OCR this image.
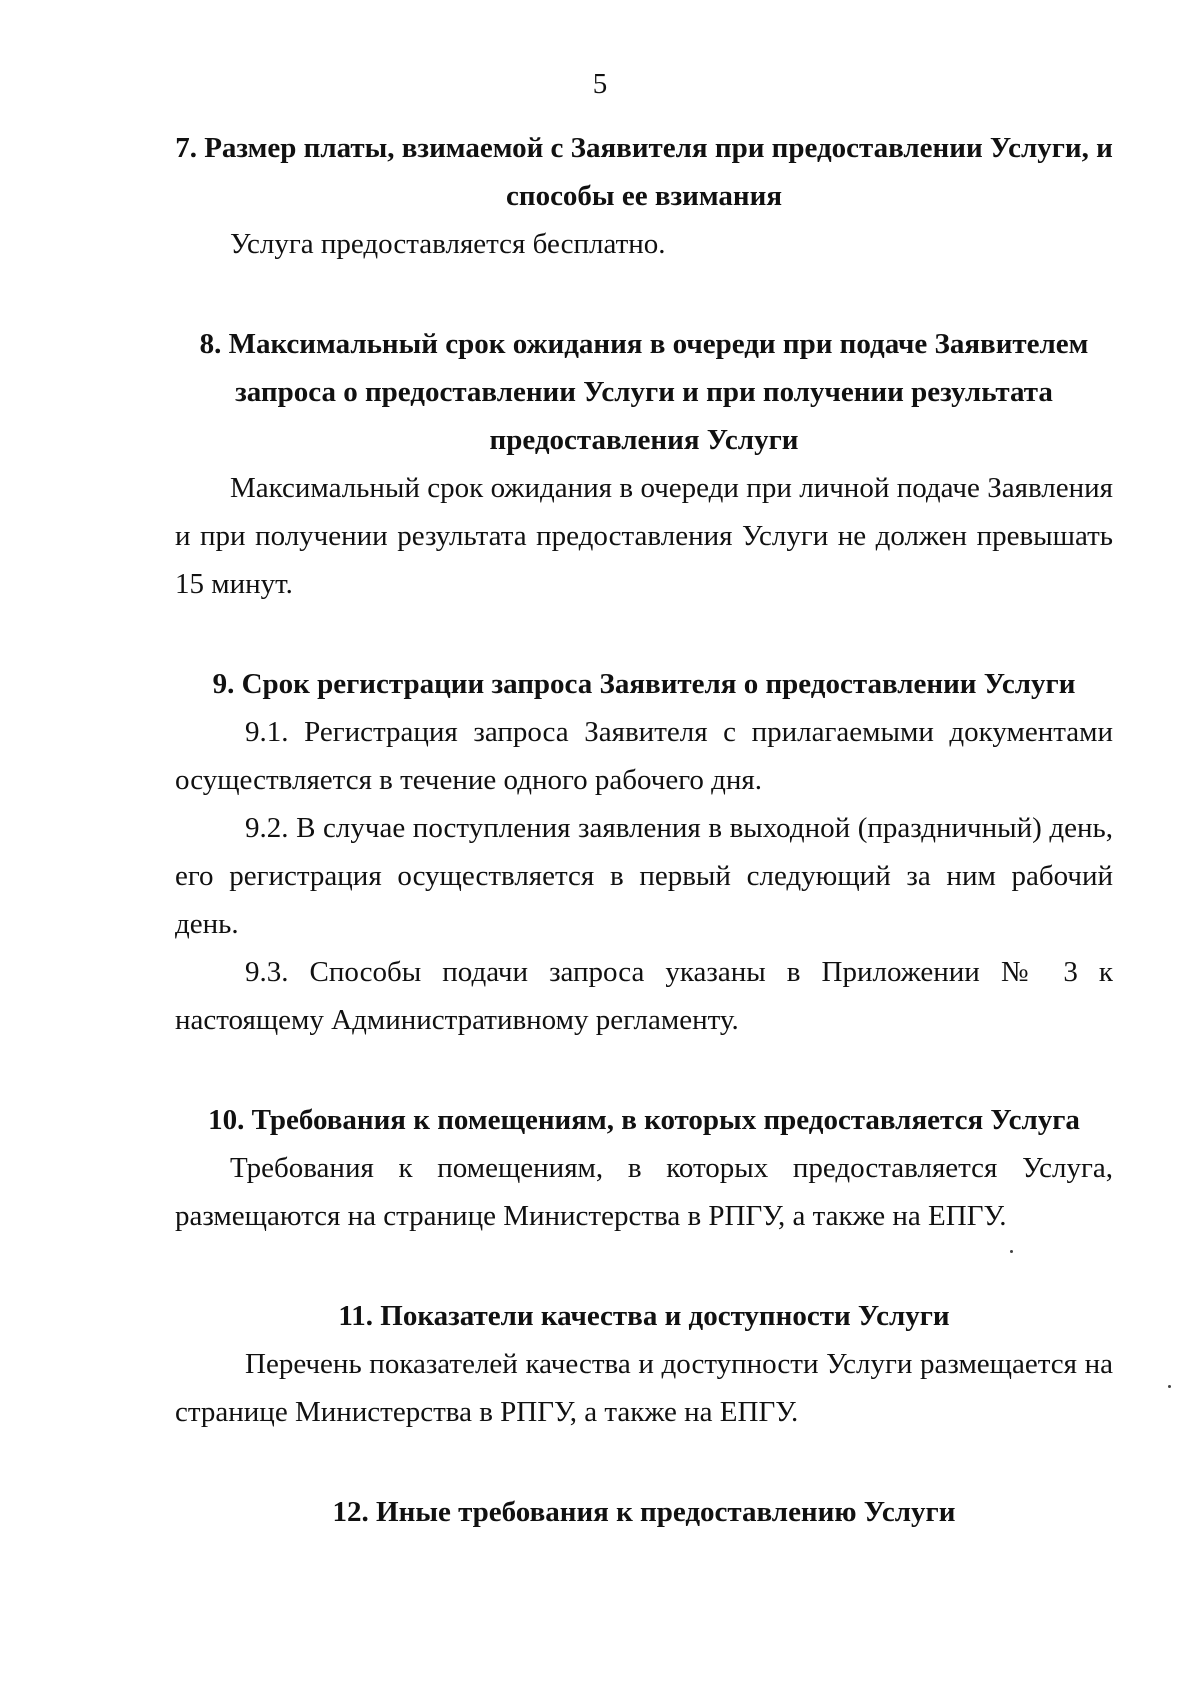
5

7. Размер платы, взимаемой с Заявителя при предоставлении Услуги, и

способы ее взимания

Услуга предоставляется бесплатно.

8. Максимальный срок ожидания в очереди при подаче Заявителем

запроса о предоставлении Услуги и при получении результата

предоставления Услуги

Максимальный срок ожидания в очереди при личной подаче Заявления и при получении результата предоставления Услуги не должен превышать 15 минут.

9. Срок регистрации запроса Заявителя о предоставлении Услуги

9.1. Регистрация запроса Заявителя с прилагаемыми документами осуществляется в течение одного рабочего дня.

9.2. В случае поступления заявления в выходной (праздничный) день, его регистрация осуществляется в первый следующий за ним рабочий день.

9.3. Способы подачи запроса указаны в Приложении № 3 к настоящему Административному регламенту.

10. Требования к помещениям, в которых предоставляется Услуга

Требования к помещениям, в которых предоставляется Услуга, размещаются на странице Министерства в РПГУ, а также на ЕПГУ.

11. Показатели качества и доступности Услуги

Перечень показателей качества и доступности Услуги размещается на странице Министерства в РПГУ, а также на ЕПГУ.

12. Иные требования к предоставлению Услуги
